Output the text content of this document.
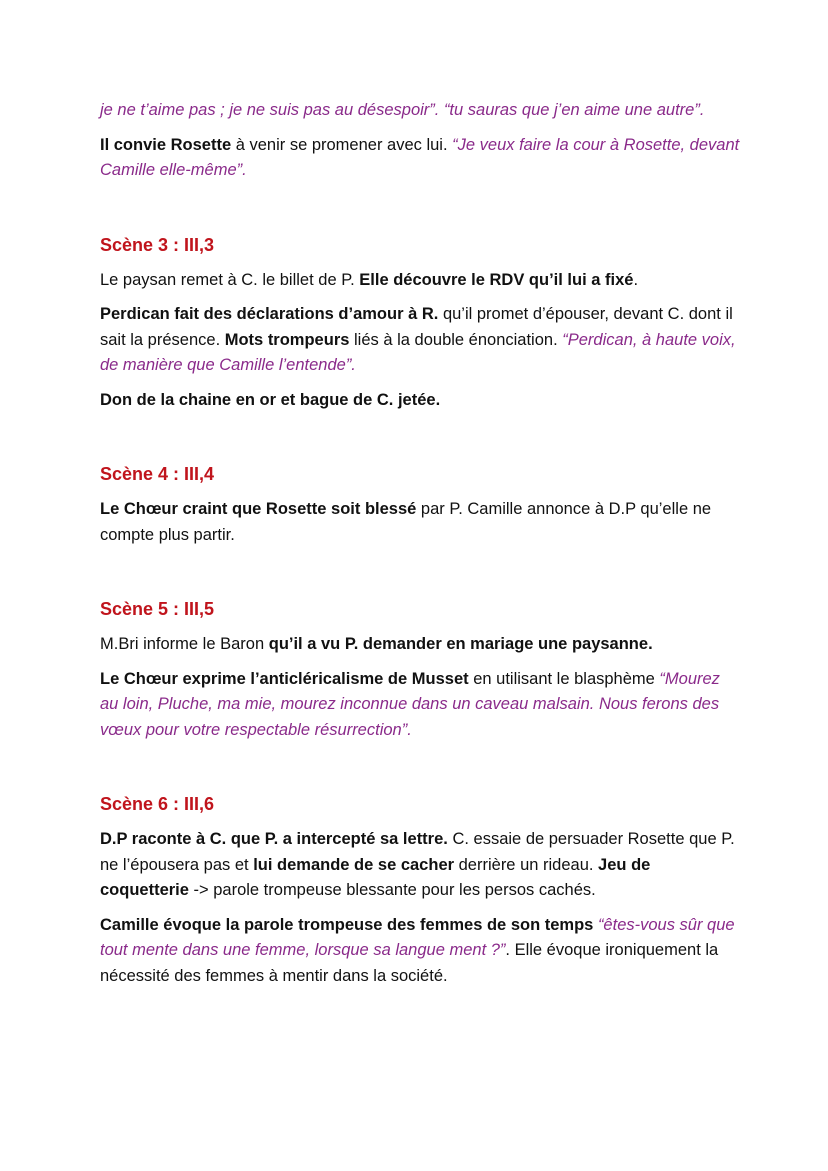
je ne t’aime pas ; je ne suis pas au désespoir”. “tu sauras que j’en aime une autre”.

Il convie Rosette à venir se promener avec lui. “Je veux faire la cour à Rosette, devant Camille elle-même”.

Scène 3 : III,3

Le paysan remet à C. le billet de P. Elle découvre le RDV qu’il lui a fixé.

Perdican fait des déclarations d’amour à R. qu’il promet d’épouser, devant C. dont il sait la présence. Mots trompeurs liés à la double énonciation. “Perdican, à haute voix, de manière que Camille l’entende”.

Don de la chaine en or et bague de C. jetée.

Scène 4 : III,4

Le Chœur craint que Rosette soit blessé par P. Camille annonce à D.P qu’elle ne compte plus partir.

Scène 5 : III,5

M.Bri informe le Baron qu’il a vu P. demander en mariage une paysanne.

Le Chœur exprime l’anticléricalisme de Musset en utilisant le blasphème “Mourez au loin, Pluche, ma mie, mourez inconnue dans un caveau malsain. Nous ferons des vœux pour votre respectable résurrection”.

Scène 6 : III,6

D.P raconte à C. que P. a intercepté sa lettre. C. essaie de persuader Rosette que P. ne l’épousera pas et lui demande de se cacher derrière un rideau. Jeu de coquetterie -> parole trompeuse blessante pour les persos cachés.

Camille évoque la parole trompeuse des femmes de son temps “êtes-vous sûr que tout mente dans une femme, lorsque sa langue ment ?”. Elle évoque ironiquement la nécessité des femmes à mentir dans la société.
